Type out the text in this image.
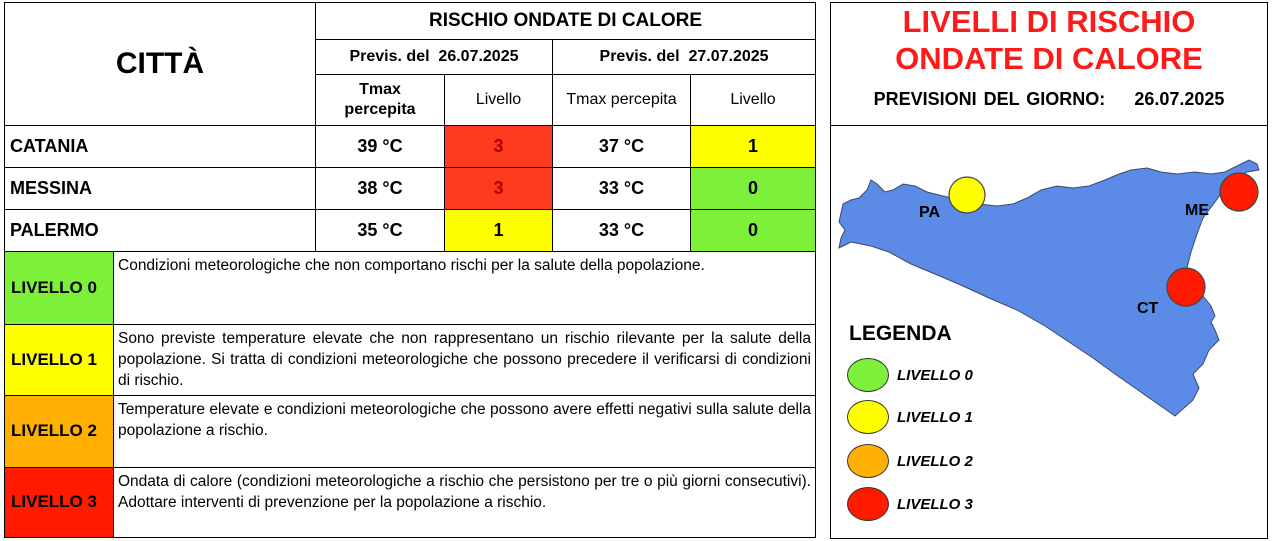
CITTÀ	RISCHIO ONDATE DI CALORE			
	Previs. del 26.07.2025		Previs. del 27.07.2025	
	Tmax percepita	Livello	Tmax percepita	Livello
CATANIA	39 °C	3	37 °C	1
MESSINA	38 °C	3	33 °C	0
PALERMO	35 °C	1	33 °C	0
LIVELLO 0	Condizioni meteorologiche che non comportano rischi per la salute della popolazione.
LIVELLO 1	Sono previste temperature elevate che non rappresentano un rischio rilevante per la salute della popolazione. Si tratta di condizioni meteorologiche che possono precedere il verificarsi di condizioni di rischio.
LIVELLO 2	Temperature elevate e condizioni meteorologiche che possono avere effetti negativi sulla salute della popolazione a rischio.
LIVELLO 3	Ondata di calore (condizioni meteorologiche a rischio che persistono per tre o più giorni consecutivi). Adottare interventi di prevenzione per la popolazione a rischio.
LIVELLI DI RISCHIO
ONDATE DI CALORE
PREVISIONI DEL GIORNO: 26.07.2025
PA	ME
CT
LEGENDA
LIVELLO 0
LIVELLO 1
LIVELLO 2
LIVELLO 3
